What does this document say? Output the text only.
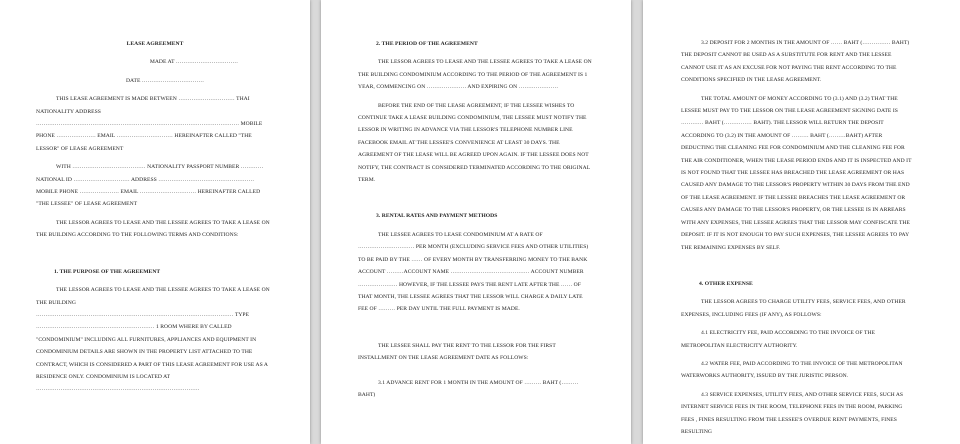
LEASE AGREEMENT

MADE AT ……………………………

DATE ……………………………

THIS LEASE AGREEMENT IS MADE BETWEEN ………………………… THAI NATIONALITY ADDRESS ……………………………………………………………………………………………… MOBILE PHONE ………………… EMAIL ………………………… HEREINAFTER CALLED "THE LESSOR" OF LEASE AGREEMENT

WITH ………………………………… NATIONALITY PASSPORT NUMBER ………… NATIONAL ID ………………………… ADDRESS …………………………………………… MOBILE PHONE ………………… EMAIL ………………………… HEREINAFTER CALLED "THE LESSEE" OF LEASE AGREEMENT

THE LESSOR AGREES TO LEASE AND THE LESSEE AGREES TO TAKE A LEASE ON THE BUILDING ACCORDING TO THE FOLLOWING TERMS AND CONDITIONS:

1. THE PURPOSE OF THE AGREEMENT

THE LESSOR AGREES TO LEASE AND THE LESSEE AGREES TO TAKE A LEASE ON THE BUILDING …………………………………………………………………………………………… TYPE ……………………………………………………… 1 ROOM WHERE BY CALLED "CONDOMINIUM" INCLUDING ALL FURNITURES, APPLIANCES AND EQUIPMENT IN CONDOMINIUM DETAILS ARE SHOWN IN THE PROPERTY LIST ATTACHED TO THE CONTRACT, WHICH IS CONSIDERED A PART OF THIS LEASE AGREEMENT FOR USE AS A RESIDENCE ONLY. CONDOMINIUM IS LOCATED AT ……………………………………………………………………………

2. THE PERIOD OF THE AGREEMENT

THE LESSOR AGREES TO LEASE AND THE LESSEE AGREES TO TAKE A LEASE ON THE BUILDING CONDOMINIUM ACCORDING TO THE PERIOD OF THE AGREEMENT IS 1 YEAR, COMMENCING ON ………………… AND EXPIRING ON …………………

BEFORE THE END OF THE LEASE AGREEMENT, IF THE LESSEE WISHES TO CONTINUE TAKE A LEASE BUILDING CONDOMINIUM, THE LESSEE MUST NOTIFY THE LESSOR IN WRITING IN ADVANCE VIA THE LESSOR'S TELEPHONE NUMBER LINE FACEBOOK EMAIL AT THE LESSEE'S CONVENIENCE AT LEAST 30 DAYS. THE AGREEMENT OF THE LEASE WILL BE AGREED UPON AGAIN. IF THE LESSEE DOES NOT NOTIFY, THE CONTRACT IS CONSIDERED TERMINATED ACCORDING TO THE ORIGINAL TERM.

3. RENTAL RATES AND PAYMENT METHODS

THE LESSEE AGREES TO LEASE CONDOMINIUM AT A RATE OF ………………………… PER MONTH (EXCLUDING SERVICE FEES AND OTHER UTILITIES) TO BE PAID BY THE …… OF EVERY MONTH BY TRANSFERRING MONEY TO THE BANK ACCOUNT ………ACCOUNT NAME …………………………………… ACCOUNT NUMBER ………………… HOWEVER, IF THE LESSEE PAYS THE RENT LATE AFTER THE …… OF THAT MONTH, THE LESSEE AGREES THAT THE LESSOR WILL CHARGE A DAILY LATE FEE OF ……… PER DAY UNTIL THE FULL PAYMENT IS MADE.

THE LESSEE SHALL PAY THE RENT TO THE LESSOR FOR THE FIRST INSTALLMENT ON THE LEASE AGREEMENT DATE AS FOLLOWS:

3.1 ADVANCE RENT FOR 1 MONTH IN THE AMOUNT OF ……… BAHT (……… BAHT)

3.2 DEPOSIT FOR 2 MONTHS IN THE AMOUNT OF …… BAHT (…………… BAHT) THE DEPOSIT CANNOT BE USED AS A SUBSTITUTE FOR RENT AND THE LESSEE CANNOT USE IT AS AN EXCUSE FOR NOT PAYING THE RENT ACCORDING TO THE CONDITIONS SPECIFIED IN THE LEASE AGREEMENT.

THE TOTAL AMOUNT OF MONEY ACCORDING TO (3.1) AND (3.2) THAT THE LESSEE MUST PAY TO THE LESSOR ON THE LEASE AGREEMENT SIGNING DATE IS ………… BAHT (…………… BAHT). THE LESSOR WILL RETURN THE DEPOSIT ACCORDING TO (3.2) IN THE AMOUNT OF ……… BAHT (………BAHT) AFTER DEDUCTING THE CLEANING FEE FOR CONDOMINIUM AND THE CLEANING FEE FOR THE AIR CONDITIONER, WHEN THE LEASE PERIOD ENDS AND IT IS INSPECTED AND IT IS NOT FOUND THAT THE LESSEE HAS BREACHED THE LEASE AGREEMENT OR HAS CAUSED ANY DAMAGE TO THE LESSOR'S PROPERTY WITHIN 30 DAYS FROM THE END OF THE LEASE AGREEMENT. IF THE LESSEE BREACHES THE LEASE AGREEMENT OR CAUSES ANY DAMAGE TO THE LESSOR'S PROPERTY, OR THE LESSEE IS IN ARREARS WITH ANY EXPENSES, THE LESSEE AGREES THAT THE LESSOR MAY CONFISCATE THE DEPOSIT. IF IT IS NOT ENOUGH TO PAY SUCH EXPENSES, THE LESSEE AGREES TO PAY THE REMAINING EXPENSES BY SELF.

4. OTHER EXPENSE

THE LESSOR AGREES TO CHARGE UTILITY FEES, SERVICE FEES, AND OTHER EXPENSES, INCLUDING FEES (IF ANY), AS FOLLOWS:

4.1 ELECTRICITY FEE, PAID ACCORDING TO THE INVOICE OF THE METROPOLITAN ELECTRICITY AUTHORITY.

4.2 WATER FEE, PAID ACCORDING TO THE INVOICE OF THE METROPOLITAN WATERWORKS AUTHORITY, ISSUED BY THE JURISTIC PERSON.

4.3 SERVICE EXPENSES, UTILITY FEES, AND OTHER SERVICE FEES, SUCH AS INTERNET SERVICE FEES IN THE ROOM, TELEPHONE FEES IN THE ROOM, PARKING FEES , FINES RESULTING FROM THE LESSEE'S OVERDUE RENT PAYMENTS, FINES RESULTING
